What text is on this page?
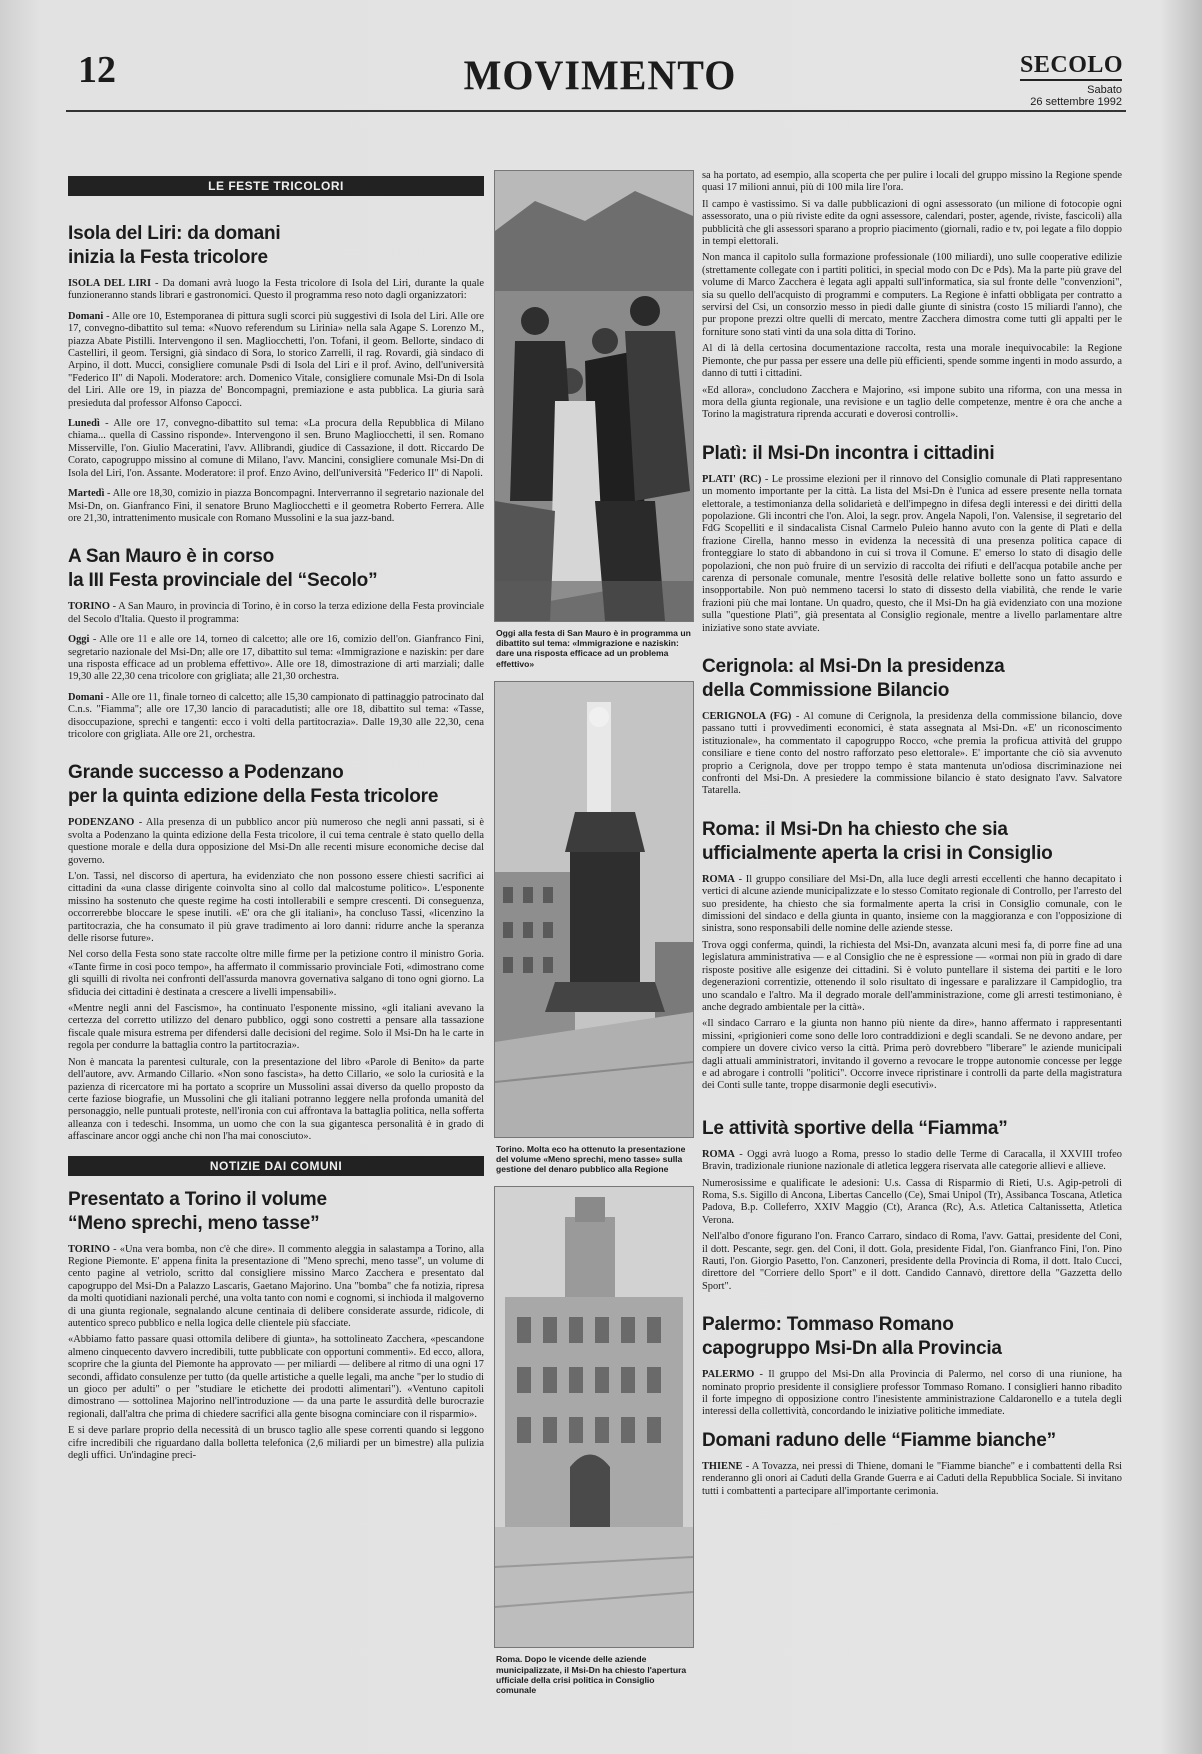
12	MOVIMENTO	SECOLO
Sabato
26 settembre 1992
LE FESTE TRICOLORI
Isola del Liri: da domani
inizia la Festa tricolore

ISOLA DEL LIRI - Da domani avrà luogo la Festa tricolore di Isola del Liri, durante la quale funzioneranno stands librari e gastronomici. Questo il programma reso noto dagli organizzatori:

Domani - Alle ore 10, Estemporanea di pittura sugli scorci più suggestivi di Isola del Liri. Alle ore 17, convegno-dibattito sul tema: «Nuovo referendum su Lirinia» nella sala Agape S. Lorenzo M., piazza Abate Pistilli. Intervengono il sen. Magliocchetti, l'on. Tofani, il geom. Bellorte, sindaco di Castelliri, il geom. Tersigni, già sindaco di Sora, lo storico Zarrelli, il rag. Rovardi, già sindaco di Arpino, il dott. Mucci, consigliere comunale Psdi di Isola del Liri e il prof. Avino, dell'università "Federico II" di Napoli. Moderatore: arch. Domenico Vitale, consigliere comunale Msi-Dn di Isola del Liri. Alle ore 19, in piazza de' Boncompagni, premiazione e asta pubblica. La giuria sarà presieduta dal professor Alfonso Capocci.

Lunedì - Alle ore 17, convegno-dibattito sul tema: «La procura della Repubblica di Milano chiama... quella di Cassino risponde». Intervengono il sen. Bruno Magliocchetti, il sen. Romano Misserville, l'on. Giulio Maceratini, l'avv. Allibrandi, giudice di Cassazione, il dott. Riccardo De Corato, capogruppo missino al comune di Milano, l'avv. Mancini, consigliere comunale Msi-Dn di Isola del Liri, l'on. Assante. Moderatore: il prof. Enzo Avino, dell'università "Federico II" di Napoli.

Martedì - Alle ore 18,30, comizio in piazza Boncompagni. Interverranno il segretario nazionale del Msi-Dn, on. Gianfranco Fini, il senatore Bruno Magliocchetti e il geometra Roberto Ferrera. Alle ore 21,30, intrattenimento musicale con Romano Mussolini e la sua jazz-band.

A San Mauro è in corso
la III Festa provinciale del “Secolo”

TORINO - A San Mauro, in provincia di Torino, è in corso la terza edizione della Festa provinciale del Secolo d'Italia. Questo il programma:

Oggi - Alle ore 11 e alle ore 14, torneo di calcetto; alle ore 16, comizio dell'on. Gianfranco Fini, segretario nazionale del Msi-Dn; alle ore 17, dibattito sul tema: «Immigrazione e naziskin: per dare una risposta efficace ad un problema effettivo». Alle ore 18, dimostrazione di arti marziali; dalle 19,30 alle 22,30 cena tricolore con grigliata; alle 21,30 orchestra.

Domani - Alle ore 11, finale torneo di calcetto; alle 15,30 campionato di pattinaggio patrocinato dal C.n.s. "Fiamma"; alle ore 17,30 lancio di paracadutisti; alle ore 18, dibattito sul tema: «Tasse, disoccupazione, sprechi e tangenti: ecco i volti della partitocrazia». Dalle 19,30 alle 22,30, cena tricolore con grigliata. Alle ore 21, orchestra.

Grande successo a Podenzano
per la quinta edizione della Festa tricolore

PODENZANO - Alla presenza di un pubblico ancor più numeroso che negli anni passati, si è svolta a Podenzano la quinta edizione della Festa tricolore, il cui tema centrale è stato quello della questione morale e della dura opposizione del Msi-Dn alle recenti misure economiche decise dal governo.

L'on. Tassi, nel discorso di apertura, ha evidenziato che non possono essere chiesti sacrifici ai cittadini da «una classe dirigente coinvolta sino al collo dal malcostume politico». L'esponente missino ha sostenuto che queste regime ha costi intollerabili e sempre crescenti. Di conseguenza, occorrerebbe bloccare le spese inutili. «E' ora che gli italiani», ha concluso Tassi, «licenzino la partitocrazia, che ha consumato il più grave tradimento ai loro danni: ridurre anche la speranza delle risorse future».

Nel corso della Festa sono state raccolte oltre mille firme per la petizione contro il ministro Goria. «Tante firme in così poco tempo», ha affermato il commissario provinciale Foti, «dimostrano come gli squilli di rivolta nei confronti dell'assurda manovra governativa salgano di tono ogni giorno. La sfiducia dei cittadini è destinata a crescere a livelli impensabili».

«Mentre negli anni del Fascismo», ha continuato l'esponente missino, «gli italiani avevano la certezza del corretto utilizzo del denaro pubblico, oggi sono costretti a pensare alla tassazione fiscale quale misura estrema per difendersi dalle decisioni del regime. Solo il Msi-Dn ha le carte in regola per condurre la battaglia contro la partitocrazia».

Non è mancata la parentesi culturale, con la presentazione del libro «Parole di Benito» da parte dell'autore, avv. Armando Cillario. «Non sono fascista», ha detto Cillario, «e solo la curiosità e la pazienza di ricercatore mi ha portato a scoprire un Mussolini assai diverso da quello proposto da certe faziose biografie, un Mussolini che gli italiani potranno leggere nella profonda umanità del personaggio, nelle puntuali proteste, nell'ironia con cui affrontava la battaglia politica, nella sofferta alleanza con i tedeschi. Insomma, un uomo che con la sua gigantesca personalità è in grado di affascinare ancor oggi anche chi non l'ha mai conosciuto».

NOTIZIE DAI COMUNI
Presentato a Torino il volume
“Meno sprechi, meno tasse”

TORINO - «Una vera bomba, non c'è che dire». Il commento aleggia in salastampa a Torino, alla Regione Piemonte. E' appena finita la presentazione di "Meno sprechi, meno tasse", un volume di cento pagine al vetriolo, scritto dal consigliere missino Marco Zacchera e presentato dal capogruppo del Msi-Dn a Palazzo Lascaris, Gaetano Majorino. Una "bomba" che fa notizia, ripresa da molti quotidiani nazionali perché, una volta tanto con nomi e cognomi, si inchioda il malgoverno di una giunta regionale, segnalando alcune centinaia di delibere considerate assurde, ridicole, di autentico spreco pubblico e nella logica delle clientele più sfacciate.

«Abbiamo fatto passare quasi ottomila delibere di giunta», ha sottolineato Zacchera, «pescandone almeno cinquecento davvero incredibili, tutte pubblicate con opportuni commenti». Ed ecco, allora, scoprire che la giunta del Piemonte ha approvato — per miliardi — delibere al ritmo di una ogni 17 secondi, affidato consulenze per tutto (da quelle artistiche a quelle legali, ma anche "per lo studio di un gioco per adulti" o per "studiare le etichette dei prodotti alimentari"). «Ventuno capitoli dimostrano — sottolinea Majorino nell'introduzione — da una parte le assurdità delle burocrazie regionali, dall'altra che prima di chiedere sacrifici alla gente bisogna cominciare con il risparmio».

E si deve parlare proprio della necessità di un brusco taglio alle spese correnti quando si leggono cifre incredibili che riguardano dalla bolletta telefonica (2,6 miliardi per un bimestre) alla pulizia degli uffici. Un'indagine preci-

Oggi alla festa di San Mauro è in programma un dibattito sul tema: «Immigrazione e naziskin: dare una risposta efficace ad un problema effettivo»
Torino. Molta eco ha ottenuto la presentazione del volume «Meno sprechi, meno tasse» sulla gestione del denaro pubblico alla Regione
Roma. Dopo le vicende delle aziende municipalizzate, il Msi-Dn ha chiesto l'apertura ufficiale della crisi politica in Consiglio comunale

sa ha portato, ad esempio, alla scoperta che per pulire i locali del gruppo missino la Regione spende quasi 17 milioni annui, più di 100 mila lire l'ora.

Il campo è vastissimo. Si va dalle pubblicazioni di ogni assessorato (un milione di fotocopie ogni assessorato, una o più riviste edite da ogni assessore, calendari, poster, agende, riviste, fascicoli) alla pubblicità che gli assessori sparano a proprio piacimento (giornali, radio e tv, poi legate a filo doppio in tempi elettorali.

Non manca il capitolo sulla formazione professionale (100 miliardi), uno sulle cooperative edilizie (strettamente collegate con i partiti politici, in special modo con Dc e Pds). Ma la parte più grave del volume di Marco Zacchera è legata agli appalti sull'informatica, sia sul fronte delle "convenzioni", sia su quello dell'acquisto di programmi e computers. La Regione è infatti obbligata per contratto a servirsi del Csi, un consorzio messo in piedi dalle giunte di sinistra (costo 15 miliardi l'anno), che pur propone prezzi oltre quelli di mercato, mentre Zacchera dimostra come tutti gli appalti per le forniture sono stati vinti da una sola ditta di Torino.

Al di là della certosina documentazione raccolta, resta una morale inequivocabile: la Regione Piemonte, che pur passa per essere una delle più efficienti, spende somme ingenti in modo assurdo, a danno di tutti i cittadini.

«Ed allora», concludono Zacchera e Majorino, «si impone subito una riforma, con una messa in mora della giunta regionale, una revisione e un taglio delle competenze, mentre è ora che anche a Torino la magistratura riprenda accurati e doverosi controlli».

Platì: il Msi-Dn incontra i cittadini

PLATI' (RC) - Le prossime elezioni per il rinnovo del Consiglio comunale di Platì rappresentano un momento importante per la città. La lista del Msi-Dn è l'unica ad essere presente nella tornata elettorale, a testimonianza della solidarietà e dell'impegno in difesa degli interessi e dei diritti della popolazione. Gli incontri che l'on. Aloi, la segr. prov. Angela Napoli, l'on. Valensise, il segretario del FdG Scopelliti e il sindacalista Cisnal Carmelo Puleio hanno avuto con la gente di Platì e della frazione Cirella, hanno messo in evidenza la necessità di una presenza politica capace di fronteggiare lo stato di abbandono in cui si trova il Comune. E' emerso lo stato di disagio delle popolazioni, che non può fruire di un servizio di raccolta dei rifiuti e dell'acqua potabile anche per carenza di personale comunale, mentre l'esosità delle relative bollette sono un fatto assurdo e insopportabile. Non può nemmeno tacersi lo stato di dissesto della viabilità, che rende le varie frazioni più che mai lontane. Un quadro, questo, che il Msi-Dn ha già evidenziato con una mozione sulla "questione Platì", già presentata al Consiglio regionale, mentre a livello parlamentare altre iniziative sono state avviate.

Cerignola: al Msi-Dn la presidenza
della Commissione Bilancio

CERIGNOLA (FG) - Al comune di Cerignola, la presidenza della commissione bilancio, dove passano tutti i provvedimenti economici, è stata assegnata al Msi-Dn. «E' un riconoscimento istituzionale», ha commentato il capogruppo Rocco, «che premia la proficua attività del gruppo consiliare e tiene conto del nostro rafforzato peso elettorale». E' importante che ciò sia avvenuto proprio a Cerignola, dove per troppo tempo è stata mantenuta un'odiosa discriminazione nei confronti del Msi-Dn. A presiedere la commissione bilancio è stato designato l'avv. Salvatore Tatarella.

Roma: il Msi-Dn ha chiesto che sia
ufficialmente aperta la crisi in Consiglio

ROMA - Il gruppo consiliare del Msi-Dn, alla luce degli arresti eccellenti che hanno decapitato i vertici di alcune aziende municipalizzate e lo stesso Comitato regionale di Controllo, per l'arresto del suo presidente, ha chiesto che sia formalmente aperta la crisi in Consiglio comunale, con le dimissioni del sindaco e della giunta in quanto, insieme con la maggioranza e con l'opposizione di sinistra, sono responsabili delle nomine delle aziende stesse.

Trova oggi conferma, quindi, la richiesta del Msi-Dn, avanzata alcuni mesi fa, di porre fine ad una legislatura amministrativa — e al Consiglio che ne è espressione — «ormai non più in grado di dare risposte positive alle esigenze dei cittadini. Si è voluto puntellare il sistema dei partiti e le loro degenerazioni correntizie, ottenendo il solo risultato di ingessare e paralizzare il Campidoglio, tra uno scandalo e l'altro. Ma il degrado morale dell'amministrazione, come gli arresti testimoniano, è anche degrado ambientale per la città».

«Il sindaco Carraro e la giunta non hanno più niente da dire», hanno affermato i rappresentanti missini, «prigionieri come sono delle loro contraddizioni e degli scandali. Se ne devono andare, per compiere un dovere civico verso la città. Prima però dovrebbero "liberare" le aziende municipali dagli attuali amministratori, invitando il governo a revocare le troppe autonomie concesse per legge e ad abrogare i controlli "politici". Occorre invece ripristinare i controlli da parte della magistratura dei Conti sulle tante, troppe disarmonie degli esecutivi».

Le attività sportive della “Fiamma”

ROMA - Oggi avrà luogo a Roma, presso lo stadio delle Terme di Caracalla, il XXVIII trofeo Bravin, tradizionale riunione nazionale di atletica leggera riservata alle categorie allievi e allieve.

Numerosissime e qualificate le adesioni: U.s. Cassa di Risparmio di Rieti, U.s. Agip-petroli di Roma, S.s. Sigillo di Ancona, Libertas Cancello (Ce), Smai Unipol (Tr), Assibanca Toscana, Atletica Padova, B.p. Colleferro, XXIV Maggio (Ct), Aranca (Rc), A.s. Atletica Caltanissetta, Atletica Verona.

Nell'albo d'onore figurano l'on. Franco Carraro, sindaco di Roma, l'avv. Gattai, presidente del Coni, il dott. Pescante, segr. gen. del Coni, il dott. Gola, presidente Fidal, l'on. Gianfranco Fini, l'on. Pino Rauti, l'on. Giorgio Pasetto, l'on. Canzoneri, presidente della Provincia di Roma, il dott. Italo Cucci, direttore del "Corriere dello Sport" e il dott. Candido Cannavò, direttore della "Gazzetta dello Sport".

Palermo: Tommaso Romano
capogruppo Msi-Dn alla Provincia

PALERMO - Il gruppo del Msi-Dn alla Provincia di Palermo, nel corso di una riunione, ha nominato proprio presidente il consigliere professor Tommaso Romano. I consiglieri hanno ribadito il forte impegno di opposizione contro l'inesistente amministrazione Caldaronello e a tutela degli interessi della collettività, concordando le iniziative politiche immediate.

Domani raduno delle “Fiamme bianche”

THIENE - A Tovazza, nei pressi di Thiene, domani le "Fiamme bianche" e i combattenti della Rsi renderanno gli onori ai Caduti della Grande Guerra e ai Caduti della Repubblica Sociale. Si invitano tutti i combattenti a partecipare all'importante cerimonia.
